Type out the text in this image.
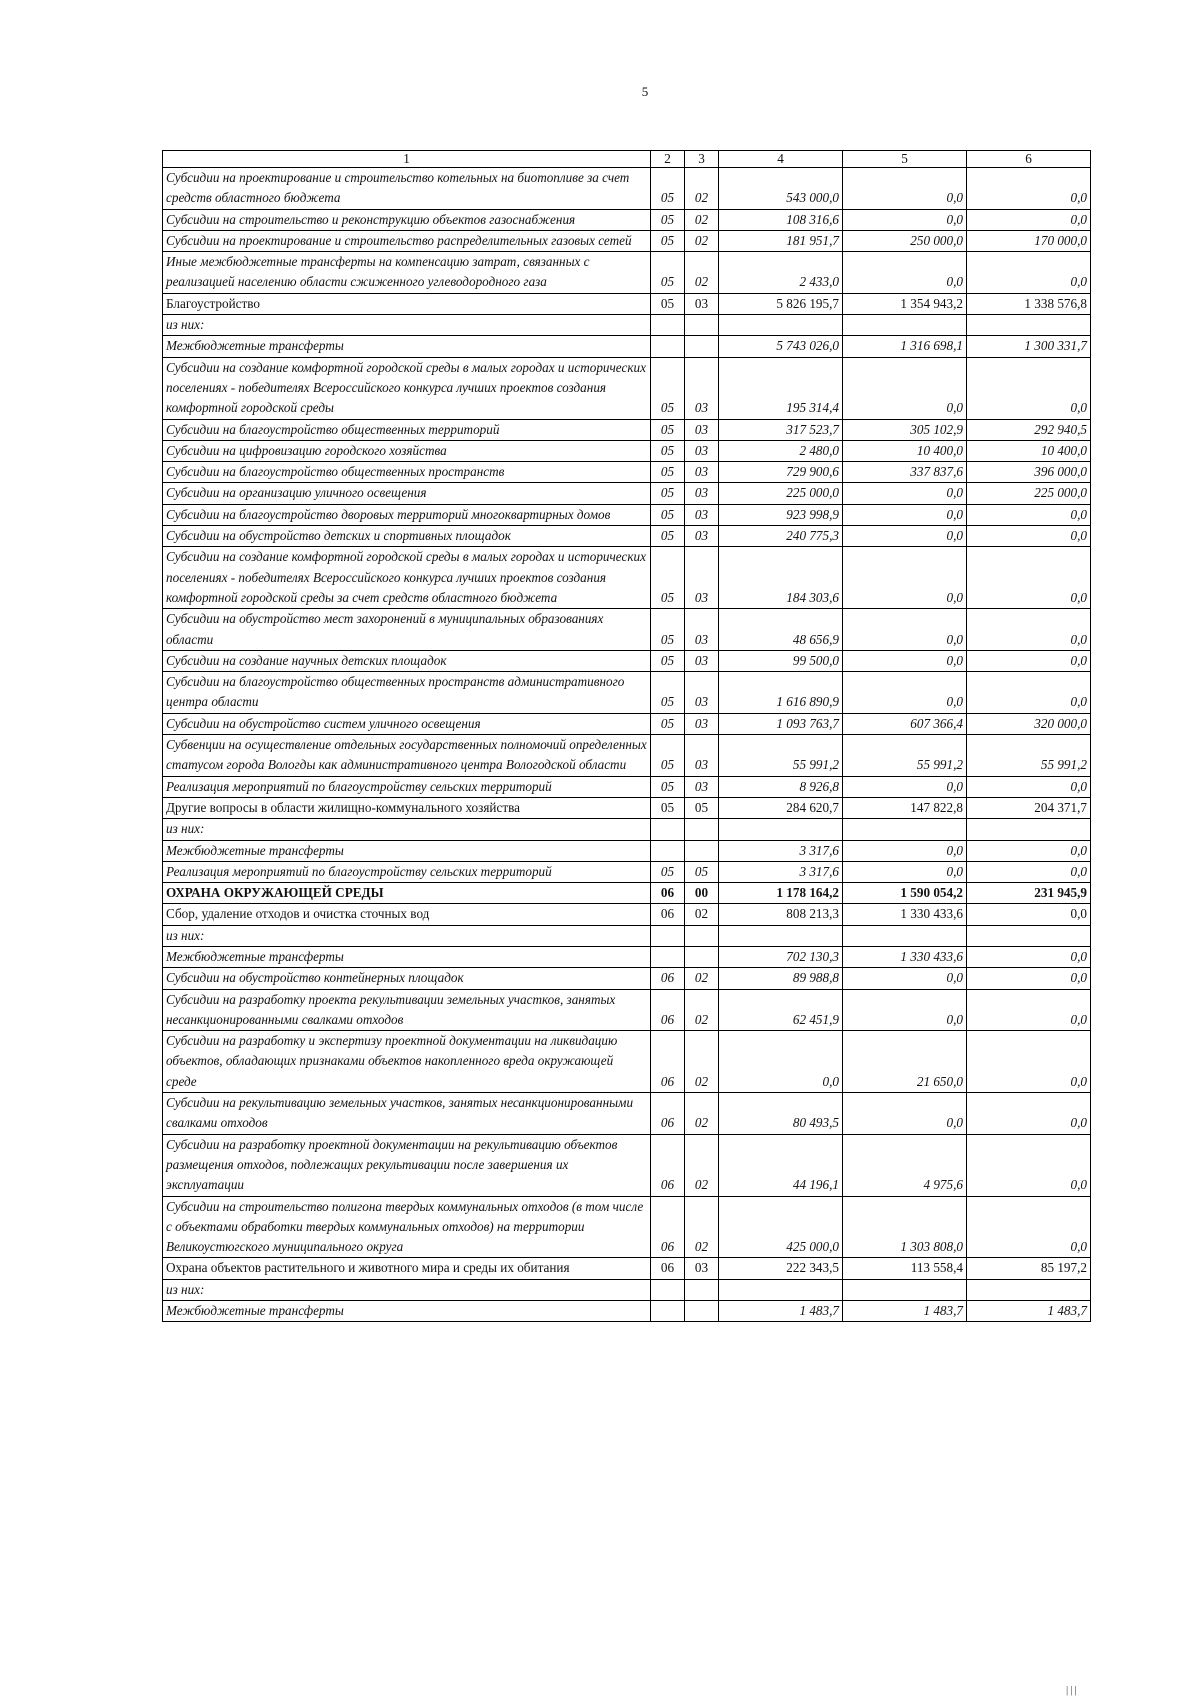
5
1	2	3	4	5	6
Субсидии на проектирование и строительство котельных на биотопливе за счет средств областного бюджета	05	02	543 000,0	0,0	0,0
Субсидии на строительство и реконструкцию объектов газоснабжения	05	02	108 316,6	0,0	0,0
Субсидии на проектирование и строительство распределительных газовых сетей	05	02	181 951,7	250 000,0	170 000,0
Иные межбюджетные трансферты на компенсацию затрат, связанных с реализацией населению области сжиженного углеводородного газа	05	02	2 433,0	0,0	0,0
Благоустройство	05	03	5 826 195,7	1 354 943,2	1 338 576,8
из них:					
Межбюджетные трансферты			5 743 026,0	1 316 698,1	1 300 331,7
Субсидии на создание комфортной городской среды в малых городах и исторических поселениях - победителях Всероссийского конкурса лучших проектов создания комфортной городской среды	05	03	195 314,4	0,0	0,0
Субсидии на благоустройство общественных территорий	05	03	317 523,7	305 102,9	292 940,5
Субсидии на цифровизацию городского хозяйства	05	03	2 480,0	10 400,0	10 400,0
Субсидии на благоустройство общественных пространств	05	03	729 900,6	337 837,6	396 000,0
Субсидии на организацию уличного освещения	05	03	225 000,0	0,0	225 000,0
Субсидии на благоустройство дворовых территорий многоквартирных домов	05	03	923 998,9	0,0	0,0
Субсидии на обустройство детских и спортивных площадок	05	03	240 775,3	0,0	0,0
Субсидии на создание комфортной городской среды в малых городах и исторических поселениях - победителях Всероссийского конкурса лучших проектов создания комфортной городской среды за счет средств областного бюджета	05	03	184 303,6	0,0	0,0
Субсидии на обустройство мест захоронений в муниципальных образованиях области	05	03	48 656,9	0,0	0,0
Субсидии на создание научных детских площадок	05	03	99 500,0	0,0	0,0
Субсидии на благоустройство общественных пространств административного центра области	05	03	1 616 890,9	0,0	0,0
Субсидии на обустройство систем уличного освещения	05	03	1 093 763,7	607 366,4	320 000,0
Субвенции на осуществление отдельных государственных полномочий определенных статусом города Вологды как административного центра Вологодской области	05	03	55 991,2	55 991,2	55 991,2
Реализация мероприятий по благоустройству сельских территорий	05	03	8 926,8	0,0	0,0
Другие вопросы в области жилищно-коммунального хозяйства	05	05	284 620,7	147 822,8	204 371,7
из них:					
Межбюджетные трансферты			3 317,6	0,0	0,0
Реализация мероприятий по благоустройству сельских территорий	05	05	3 317,6	0,0	0,0
ОХРАНА ОКРУЖАЮЩЕЙ СРЕДЫ	06	00	1 178 164,2	1 590 054,2	231 945,9
Сбор, удаление отходов и очистка сточных вод	06	02	808 213,3	1 330 433,6	0,0
из них:					
Межбюджетные трансферты			702 130,3	1 330 433,6	0,0
Субсидии на обустройство контейнерных площадок	06	02	89 988,8	0,0	0,0
Субсидии на разработку проекта рекультивации земельных участков, занятых несанкционированными свалками отходов	06	02	62 451,9	0,0	0,0
Субсидии на разработку и экспертизу проектной документации на ликвидацию объектов, обладающих признаками объектов накопленного вреда окружающей среде	06	02	0,0	21 650,0	0,0
Субсидии на рекультивацию земельных участков, занятых несанкционированными свалками отходов	06	02	80 493,5	0,0	0,0
Субсидии на разработку проектной документации на рекультивацию объектов размещения отходов, подлежащих рекультивации после завершения их эксплуатации	06	02	44 196,1	4 975,6	0,0
Субсидии на строительство полигона твердых коммунальных отходов (в том числе с объектами обработки твердых коммунальных отходов) на территории Великоустюгского муниципального округа	06	02	425 000,0	1 303 808,0	0,0
Охрана объектов растительного и животного мира и среды их обитания	06	03	222 343,5	113 558,4	85 197,2
из них:					
Межбюджетные трансферты			1 483,7	1 483,7	1 483,7
|||
